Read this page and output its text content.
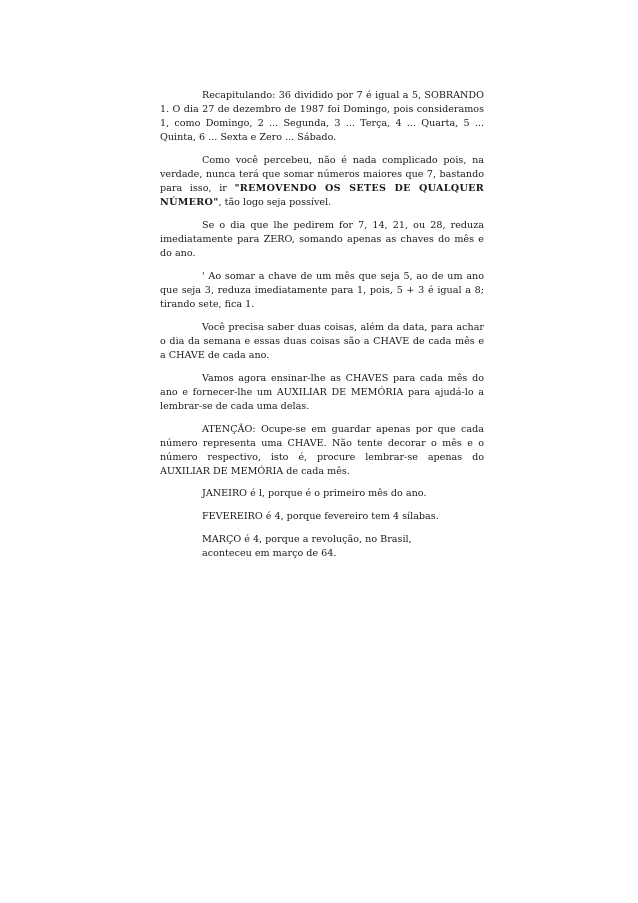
Recapitulando: 36 dividido por 7 é igual a 5, SOBRANDO 1. O dia 27 de dezembro de 1987 foi Domingo, pois consideramos 1, como Domingo, 2 ... Segunda, 3 ... Terça, 4 ... Quarta, 5 ... Quinta, 6 ... Sexta e Zero ... Sábado.

Como você percebeu, não é nada complicado pois, na verdade, nunca terá que somar números maiores que 7, bastando para isso, ir "REMOVENDO OS SETES DE QUALQUER NÚMERO", tão logo seja possível.

Se o dia que lhe pedirem for 7, 14, 21, ou 28, reduza imediatamente para ZERO, somando apenas as chaves do mês e do ano.

' Ao somar a chave de um mês que seja 5, ao de um ano que seja 3, reduza imediatamente para 1, pois, 5 + 3 é igual a 8; tirando sete, fica 1.

Você precisa saber duas coisas, além da data, para achar o dia da semana e essas duas coisas são a CHAVE de cada mês e a CHAVE de cada ano.

Vamos agora ensinar-lhe as CHAVES para cada mês do ano e fornecer-lhe um AUXILIAR DE MEMÓRIA para ajudá-lo a lembrar-se de cada uma delas.

ATENÇÃO: Ocupe-se em guardar apenas por que cada número representa uma CHAVE. Não tente decorar o mês e o número respectivo, isto é, procure lembrar-se apenas do AUXILIAR DE MEMÓRIA de cada mês.

JANEIRO é l, porque é o primeiro mês do ano.

FEVEREIRO é 4, porque fevereiro tem 4 sílabas.

MARÇO é 4, porque a revolução, no Brasil, aconteceu em março de 64.
